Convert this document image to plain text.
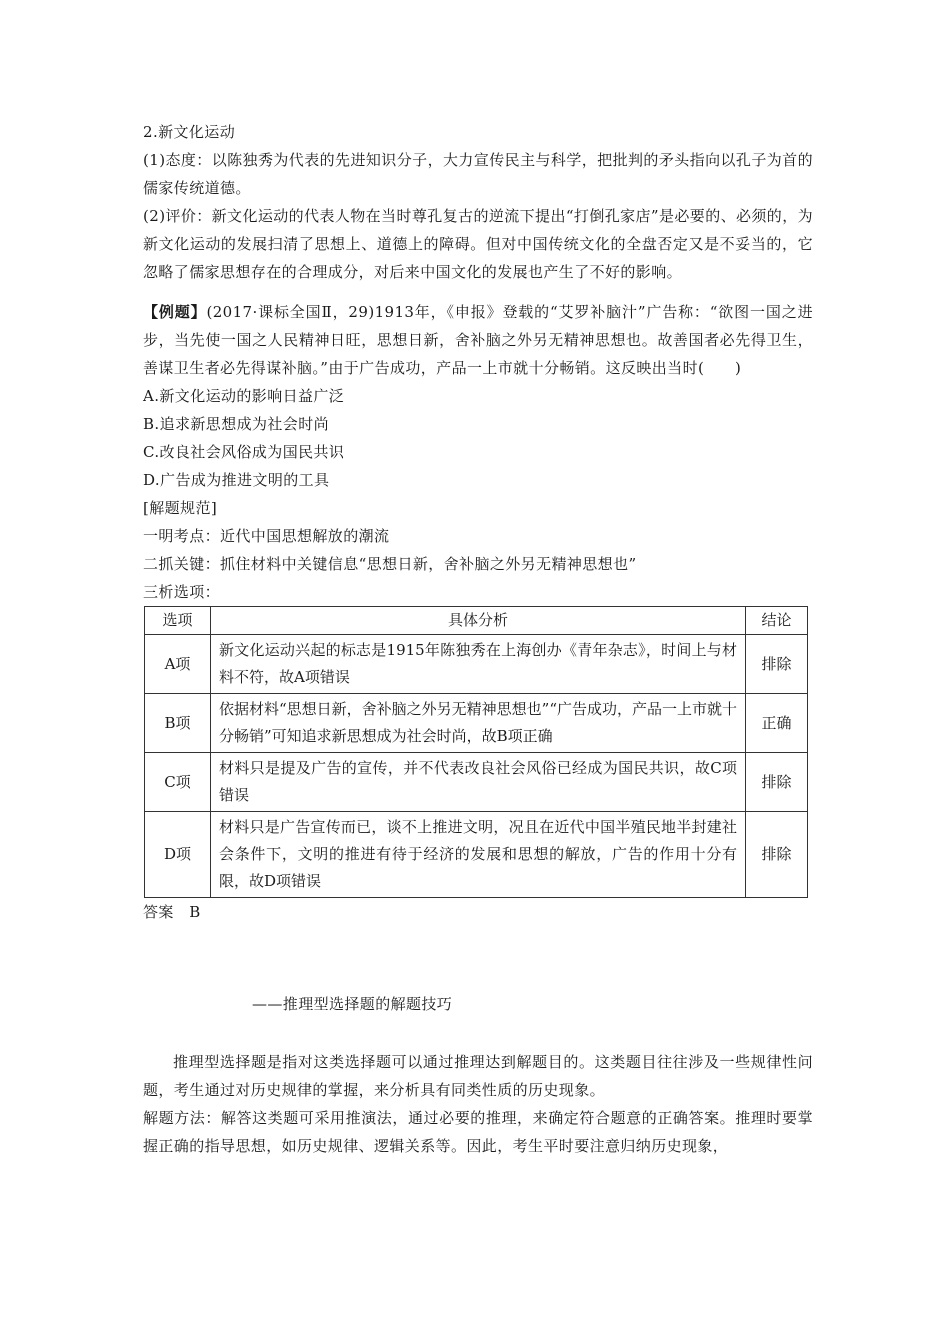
2.新文化运动

(1)态度：以陈独秀为代表的先进知识分子，大力宣传民主与科学，把批判的矛头指向以孔子为首的儒家传统道德。

(2)评价：新文化运动的代表人物在当时尊孔复古的逆流下提出“打倒孔家店”是必要的、必须的，为新文化运动的发展扫清了思想上、道德上的障碍。但对中国传统文化的全盘否定又是不妥当的，它忽略了儒家思想存在的合理成分，对后来中国文化的发展也产生了不好的影响。

【例题】(2017·课标全国Ⅱ，29)1913年，《申报》登载的“艾罗补脑汁”广告称：“欲图一国之进步，当先使一国之人民精神日旺，思想日新，舍补脑之外另无精神思想也。故善国者必先得卫生，善谋卫生者必先得谋补脑。”由于广告成功，产品一上市就十分畅销。这反映出当时(　　)

A.新文化运动的影响日益广泛

B.追求新思想成为社会时尚

C.改良社会风俗成为国民共识

D.广告成为推进文明的工具

[解题规范]

一明考点：近代中国思想解放的潮流

二抓关键：抓住材料中关键信息“思想日新，舍补脑之外另无精神思想也”

三析选项：

选项	具体分析	结论
A项	新文化运动兴起的标志是1915年陈独秀在上海创办《青年杂志》，时间上与材料不符，故A项错误	排除
B项	依据材料“思想日新，舍补脑之外另无精神思想也”“广告成功，产品一上市就十分畅销”可知追求新思想成为社会时尚，故B项正确	正确
C项	材料只是提及广告的宣传，并不代表改良社会风俗已经成为国民共识，故C项错误	排除
D项	材料只是广告宣传而已，谈不上推进文明，况且在近代中国半殖民地半封建社会条件下，文明的推进有待于经济的发展和思想的解放，广告的作用十分有限，故D项错误	排除

答案　B

——推理型选择题的解题技巧

推理型选择题是指对这类选择题可以通过推理达到解题目的。这类题目往往涉及一些规律性问题，考生通过对历史规律的掌握，来分析具有同类性质的历史现象。

解题方法：解答这类题可采用推演法，通过必要的推理，来确定符合题意的正确答案。推理时要掌握正确的指导思想，如历史规律、逻辑关系等。因此，考生平时要注意归纳历史现象，
